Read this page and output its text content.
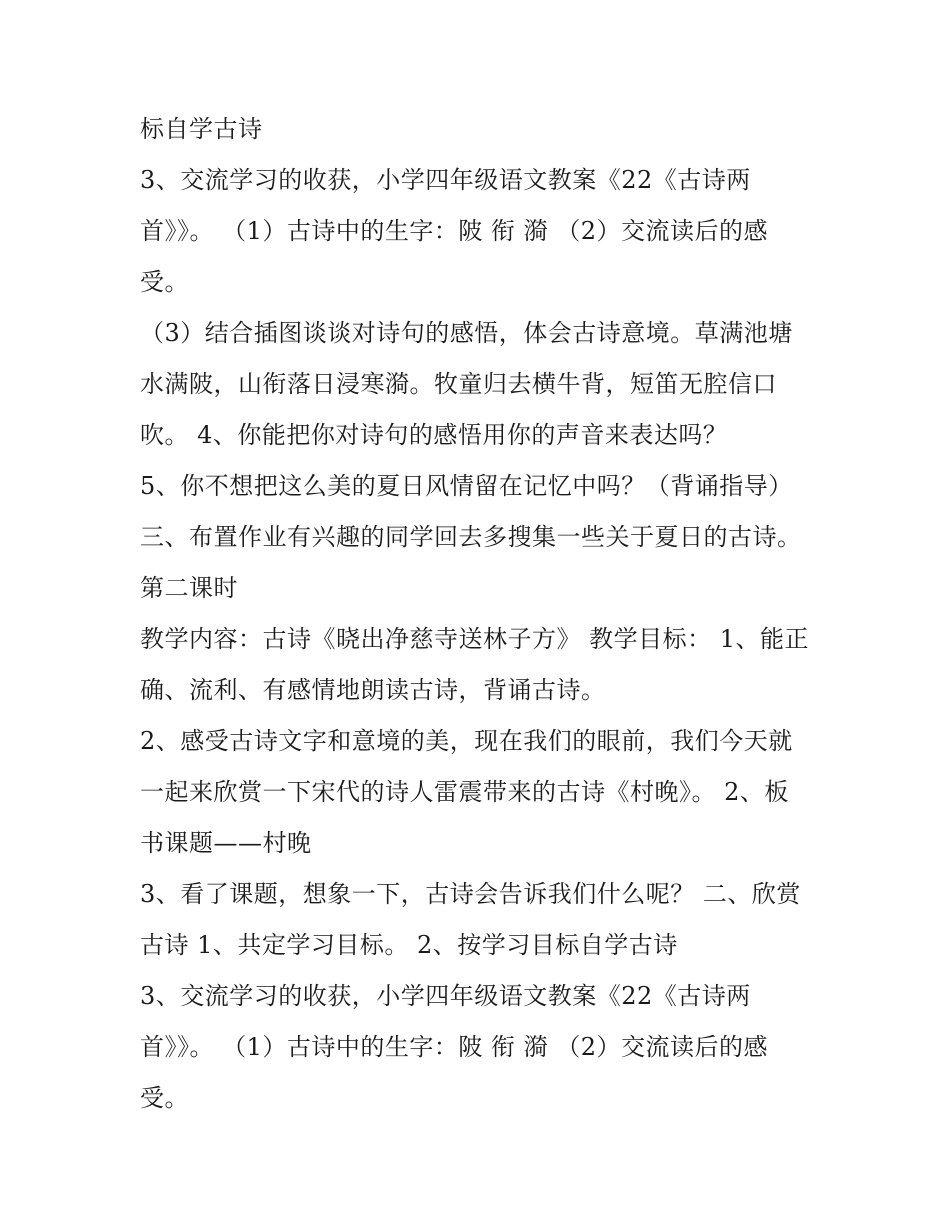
标自学古诗
3、交流学习的收获，小学四年级语文教案《22《古诗两
首》》。 （1）古诗中的生字：陂 衔 漪 （2）交流读后的感
受。
（3）结合插图谈谈对诗句的感悟，体会古诗意境。草满池塘
水满陂，山衔落日浸寒漪。牧童归去横牛背，短笛无腔信口
吹。 4、你能把你对诗句的感悟用你的声音来表达吗？
5、你不想把这么美的夏日风情留在记忆中吗？（背诵指导）
三、布置作业有兴趣的同学回去多搜集一些关于夏日的古诗。
第二课时
教学内容：古诗《晓出净慈寺送林子方》 教学目标： 1、能正
确、流利、有感情地朗读古诗，背诵古诗。
2、感受古诗文字和意境的美，现在我们的眼前，我们今天就
一起来欣赏一下宋代的诗人雷震带来的古诗《村晚》。 2、板
书课题——村晚
3、看了课题，想象一下，古诗会告诉我们什么呢？ 二、欣赏
古诗 1、共定学习目标。 2、按学习目标自学古诗
3、交流学习的收获，小学四年级语文教案《22《古诗两
首》》。 （1）古诗中的生字：陂 衔 漪 （2）交流读后的感
受。
